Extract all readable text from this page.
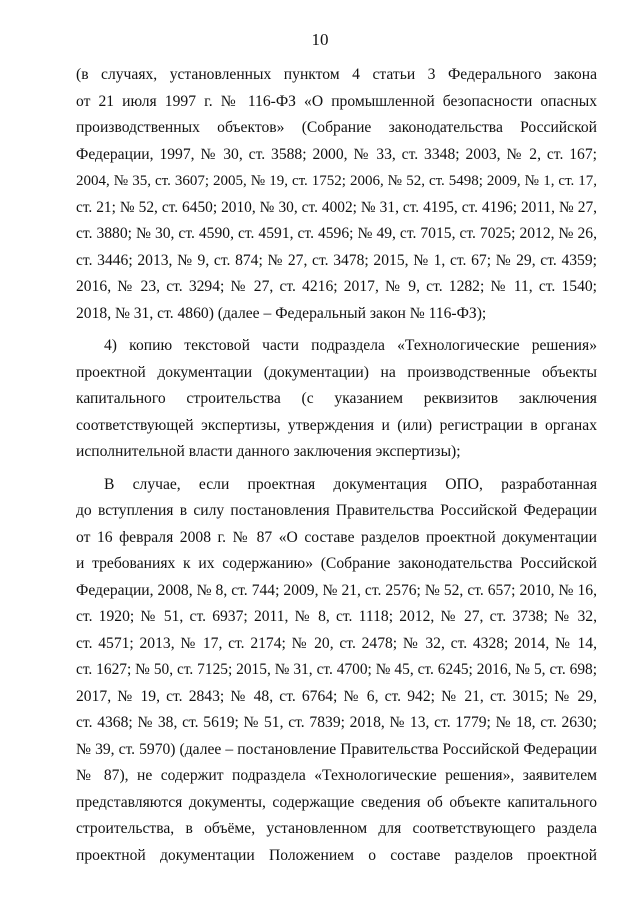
10
(в случаях, установленных пунктом 4 статьи 3 Федерального закона
от 21 июля 1997 г. № 116-ФЗ «О промышленной безопасности опасных
производственных объектов» (Собрание законодательства Российской
Федерации, 1997, № 30, ст. 3588; 2000, № 33, ст. 3348; 2003, № 2, ст. 167;
2004, № 35, ст. 3607; 2005, № 19, ст. 1752; 2006, № 52, ст. 5498; 2009, № 1, ст. 17,
ст. 21; № 52, ст. 6450; 2010, № 30, ст. 4002; № 31, ст. 4195, ст. 4196; 2011, № 27,
ст. 3880; № 30, ст. 4590, ст. 4591, ст. 4596; № 49, ст. 7015, ст. 7025; 2012, № 26,
ст. 3446; 2013, № 9, ст. 874; № 27, ст. 3478; 2015, № 1, ст. 67; № 29, ст. 4359;
2016, № 23, ст. 3294; № 27, ст. 4216; 2017, № 9, ст. 1282; № 11, ст. 1540;
2018, № 31, ст. 4860) (далее – Федеральный закон № 116-ФЗ);
4) копию текстовой части подраздела «Технологические решения»
проектной документации (документации) на производственные объекты
капитального строительства (с указанием реквизитов заключения
соответствующей экспертизы, утверждения и (или) регистрации в органах
исполнительной власти данного заключения экспертизы);
В случае, если проектная документация ОПО, разработанная
до вступления в силу постановления Правительства Российской Федерации
от 16 февраля 2008 г. № 87 «О составе разделов проектной документации
и требованиях к их содержанию» (Собрание законодательства Российской
Федерации, 2008, № 8, ст. 744; 2009, № 21, ст. 2576; № 52, ст. 657; 2010, № 16,
ст. 1920; № 51, ст. 6937; 2011, № 8, ст. 1118; 2012, № 27, ст. 3738; № 32,
ст. 4571; 2013, № 17, ст. 2174; № 20, ст. 2478; № 32, ст. 4328; 2014, № 14,
ст. 1627; № 50, ст. 7125; 2015, № 31, ст. 4700; № 45, ст. 6245; 2016, № 5, ст. 698;
2017, № 19, ст. 2843; № 48, ст. 6764; № 6, ст. 942; № 21, ст. 3015; № 29,
ст. 4368; № 38, ст. 5619; № 51, ст. 7839; 2018, № 13, ст. 1779; № 18, ст. 2630;
№ 39, ст. 5970) (далее – постановление Правительства Российской Федерации
№ 87), не содержит подраздела «Технологические решения», заявителем
представляются документы, содержащие сведения об объекте капитального
строительства, в объёме, установленном для соответствующего раздела
проектной документации Положением о составе разделов проектной
